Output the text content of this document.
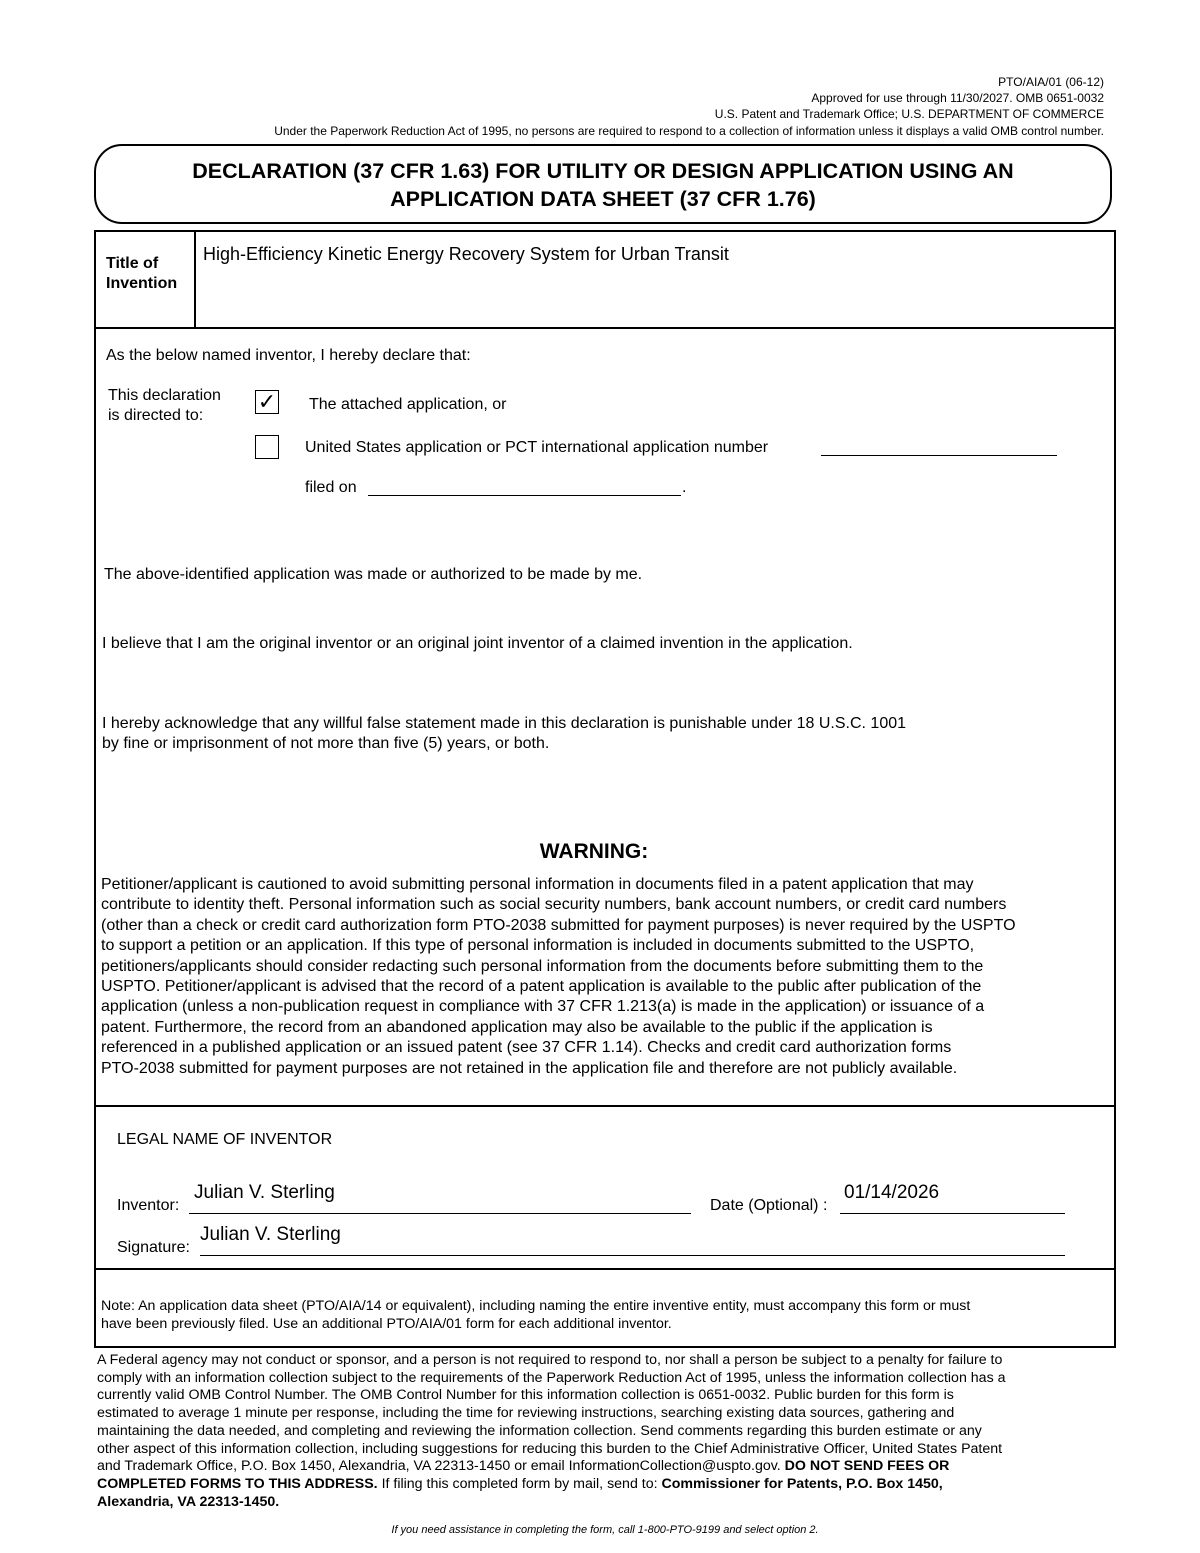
PTO/AIA/01 (06-12)
Approved for use through 11/30/2027. OMB 0651-0032
U.S. Patent and Trademark Office; U.S. DEPARTMENT OF COMMERCE
Under the Paperwork Reduction Act of 1995, no persons are required to respond to a collection of information unless it displays a valid OMB control number.
DECLARATION (37 CFR 1.63) FOR UTILITY OR DESIGN APPLICATION USING AN
APPLICATION DATA SHEET (37 CFR 1.76)
Title of
Invention
High-Efficiency Kinetic Energy Recovery System for Urban Transit
As the below named inventor, I hereby declare that:
This declaration
is directed to:
✓ The attached application, or
United States application or PCT international application number
filed on	.
The above-identified application was made or authorized to be made by me.
I believe that I am the original inventor or an original joint inventor of a claimed invention in the application.
I hereby acknowledge that any willful false statement made in this declaration is punishable under 18 U.S.C. 1001
by fine or imprisonment of not more than five (5) years, or both.
WARNING:
Petitioner/applicant is cautioned to avoid submitting personal information in documents filed in a patent application that may
contribute to identity theft. Personal information such as social security numbers, bank account numbers, or credit card numbers
(other than a check or credit card authorization form PTO-2038 submitted for payment purposes) is never required by the USPTO
to support a petition or an application. If this type of personal information is included in documents submitted to the USPTO,
petitioners/applicants should consider redacting such personal information from the documents before submitting them to the
USPTO. Petitioner/applicant is advised that the record of a patent application is available to the public after publication of the
application (unless a non-publication request in compliance with 37 CFR 1.213(a) is made in the application) or issuance of a
patent. Furthermore, the record from an abandoned application may also be available to the public if the application is
referenced in a published application or an issued patent (see 37 CFR 1.14). Checks and credit card authorization forms
PTO-2038 submitted for payment purposes are not retained in the application file and therefore are not publicly available.
LEGAL NAME OF INVENTOR
Inventor:
Julian V. Sterling
Date (Optional) :
01/14/2026
Signature:
Julian V. Sterling
Note: An application data sheet (PTO/AIA/14 or equivalent), including naming the entire inventive entity, must accompany this form or must
have been previously filed. Use an additional PTO/AIA/01 form for each additional inventor.
A Federal agency may not conduct or sponsor, and a person is not required to respond to, nor shall a person be subject to a penalty for failure to
comply with an information collection subject to the requirements of the Paperwork Reduction Act of 1995, unless the information collection has a
currently valid OMB Control Number. The OMB Control Number for this information collection is 0651-0032. Public burden for this form is
estimated to average 1 minute per response, including the time for reviewing instructions, searching existing data sources, gathering and
maintaining the data needed, and completing and reviewing the information collection. Send comments regarding this burden estimate or any
other aspect of this information collection, including suggestions for reducing this burden to the Chief Administrative Officer, United States Patent
and Trademark Office, P.O. Box 1450, Alexandria, VA 22313-1450 or email InformationCollection@uspto.gov. DO NOT SEND FEES OR
COMPLETED FORMS TO THIS ADDRESS. If filing this completed form by mail, send to: Commissioner for Patents, P.O. Box 1450,
Alexandria, VA 22313-1450.
If you need assistance in completing the form, call 1-800-PTO-9199 and select option 2.
